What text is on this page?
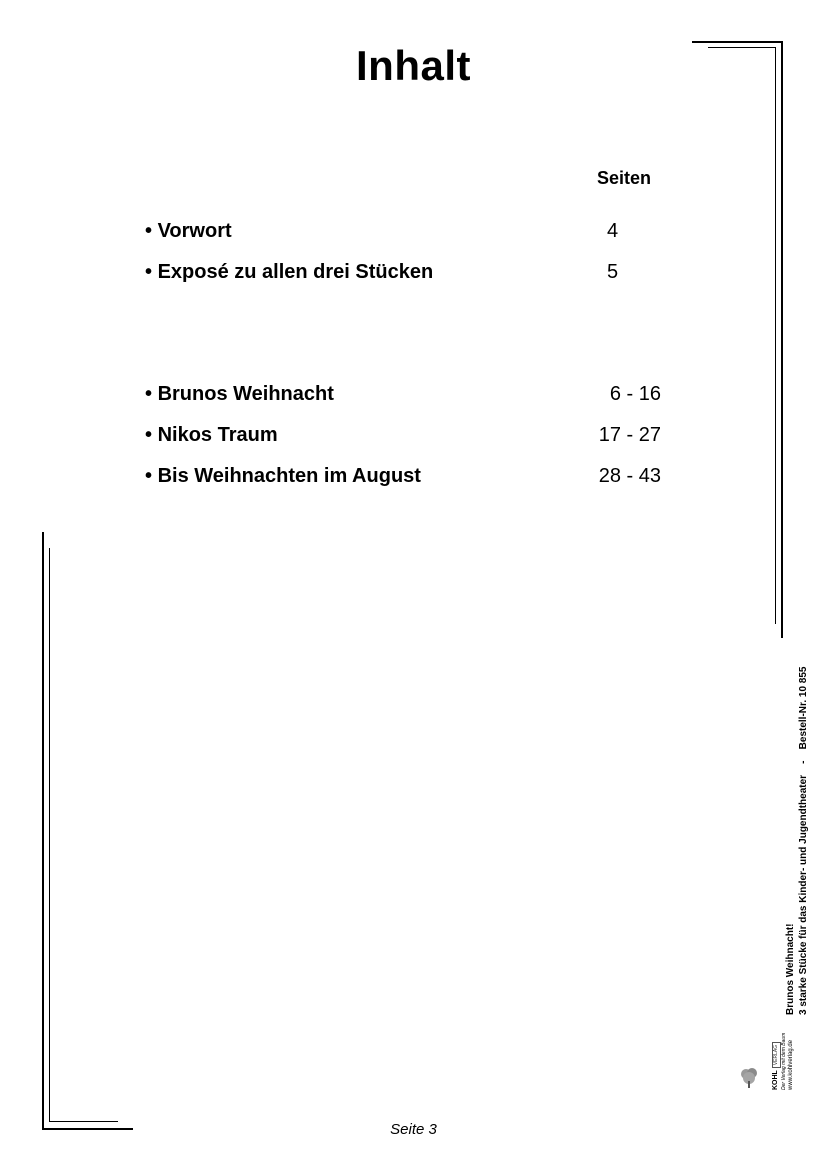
Inhalt
Seiten
• Vorwort	4
• Exposé zu allen drei Stücken	5
• Brunos Weihnacht	6 - 16
• Nikos Traum	17 - 27
• Bis Weihnachten im August	28 - 43
Brunos Weihnacht! 3 starke Stücke für das Kinder- und Jugendtheater    -    Bestell-Nr. 10 855
KOHLVERLAG Der Verlag mit dem Baum www.kohlverlag.de
Seite 3
